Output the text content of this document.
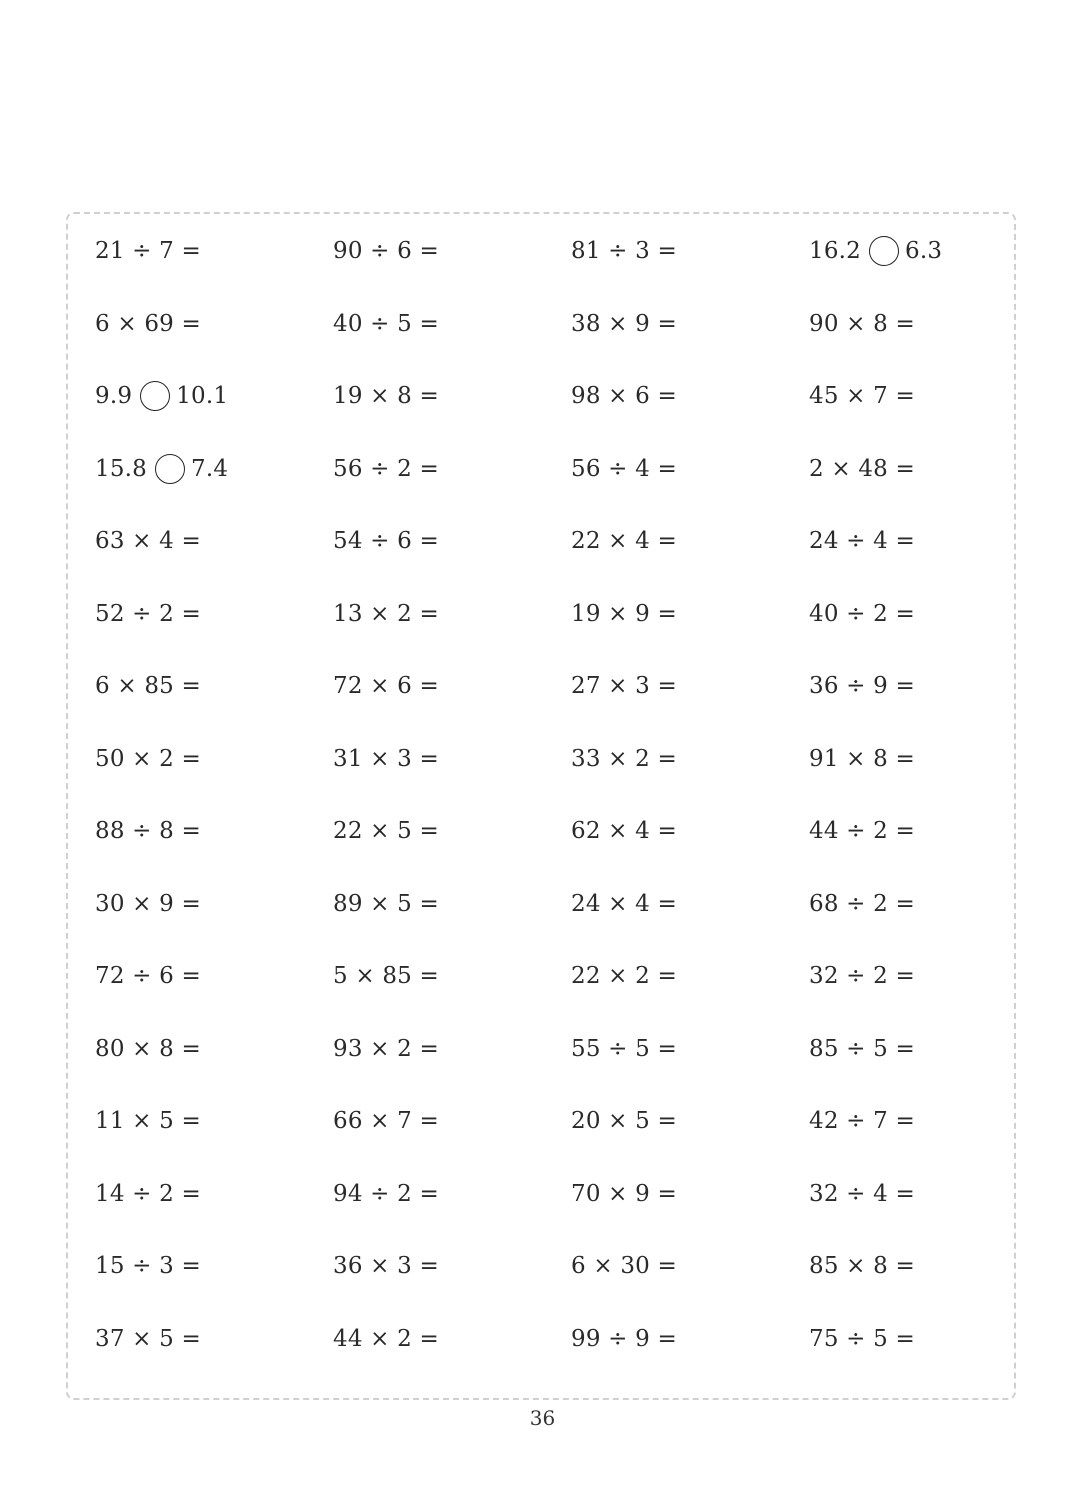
21 ÷ 7 =	90 ÷ 6 =	81 ÷ 3 =	16.2 6.3
6 × 69 =	40 ÷ 5 =	38 × 9 =	90 × 8 =
9.9 10.1	19 × 8 =	98 × 6 =	45 × 7 =
15.8 7.4	56 ÷ 2 =	56 ÷ 4 =	2 × 48 =
63 × 4 =	54 ÷ 6 =	22 × 4 =	24 ÷ 4 =
52 ÷ 2 =	13 × 2 =	19 × 9 =	40 ÷ 2 =
6 × 85 =	72 × 6 =	27 × 3 =	36 ÷ 9 =
50 × 2 =	31 × 3 =	33 × 2 =	91 × 8 =
88 ÷ 8 =	22 × 5 =	62 × 4 =	44 ÷ 2 =
30 × 9 =	89 × 5 =	24 × 4 =	68 ÷ 2 =
72 ÷ 6 =	5 × 85 =	22 × 2 =	32 ÷ 2 =
80 × 8 =	93 × 2 =	55 ÷ 5 =	85 ÷ 5 =
11 × 5 =	66 × 7 =	20 × 5 =	42 ÷ 7 =
14 ÷ 2 =	94 ÷ 2 =	70 × 9 =	32 ÷ 4 =
15 ÷ 3 =	36 × 3 =	6 × 30 =	85 × 8 =
37 × 5 =	44 × 2 =	99 ÷ 9 =	75 ÷ 5 =
36
